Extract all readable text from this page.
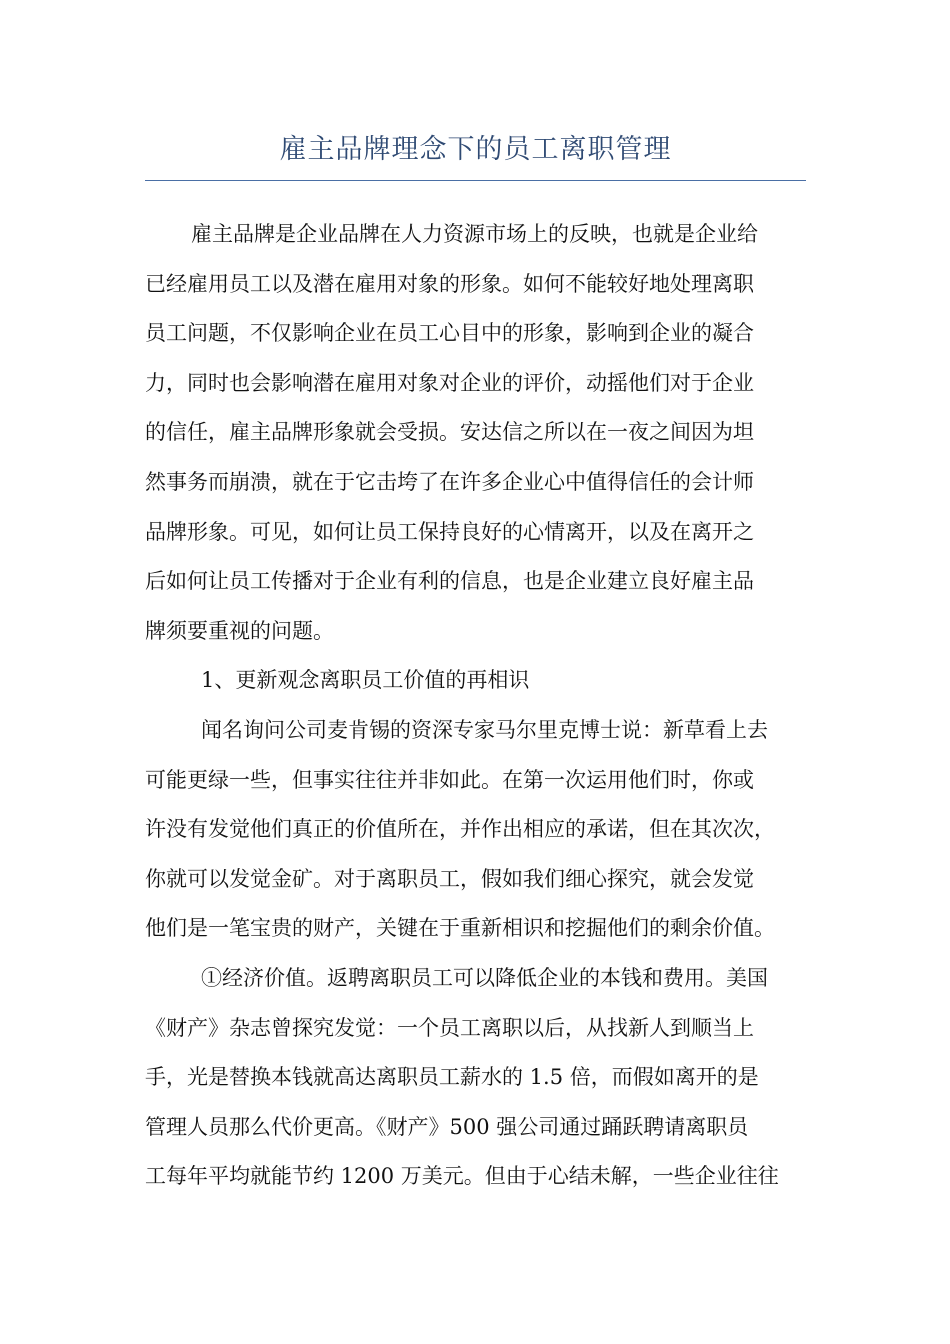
雇主品牌理念下的员工离职管理
雇主品牌是企业品牌在人力资源市场上的反映，也就是企业给
已经雇用员工以及潜在雇用对象的形象。如何不能较好地处理离职
员工问题，不仅影响企业在员工心目中的形象，影响到企业的凝合
力，同时也会影响潜在雇用对象对企业的评价，动摇他们对于企业
的信任，雇主品牌形象就会受损。安达信之所以在一夜之间因为坦
然事务而崩溃，就在于它击垮了在许多企业心中值得信任的会计师
品牌形象。可见，如何让员工保持良好的心情离开，以及在离开之
后如何让员工传播对于企业有利的信息，也是企业建立良好雇主品
牌须要重视的问题。
1、更新观念离职员工价值的再相识
闻名询问公司麦肯锡的资深专家马尔里克博士说：新草看上去
可能更绿一些，但事实往往并非如此。在第一次运用他们时，你或
许没有发觉他们真正的价值所在，并作出相应的承诺，但在其次次，
你就可以发觉金矿。对于离职员工，假如我们细心探究，就会发觉
他们是一笔宝贵的财产，关键在于重新相识和挖掘他们的剩余价值。
①经济价值。返聘离职员工可以降低企业的本钱和费用。美国
《财产》杂志曾探究发觉：一个员工离职以后，从找新人到顺当上
手，光是替换本钱就高达离职员工薪水的 1.5 倍，而假如离开的是
管理人员那么代价更高。《财产》500 强公司通过踊跃聘请离职员
工每年平均就能节约 1200 万美元。但由于心结未解，一些企业往往
